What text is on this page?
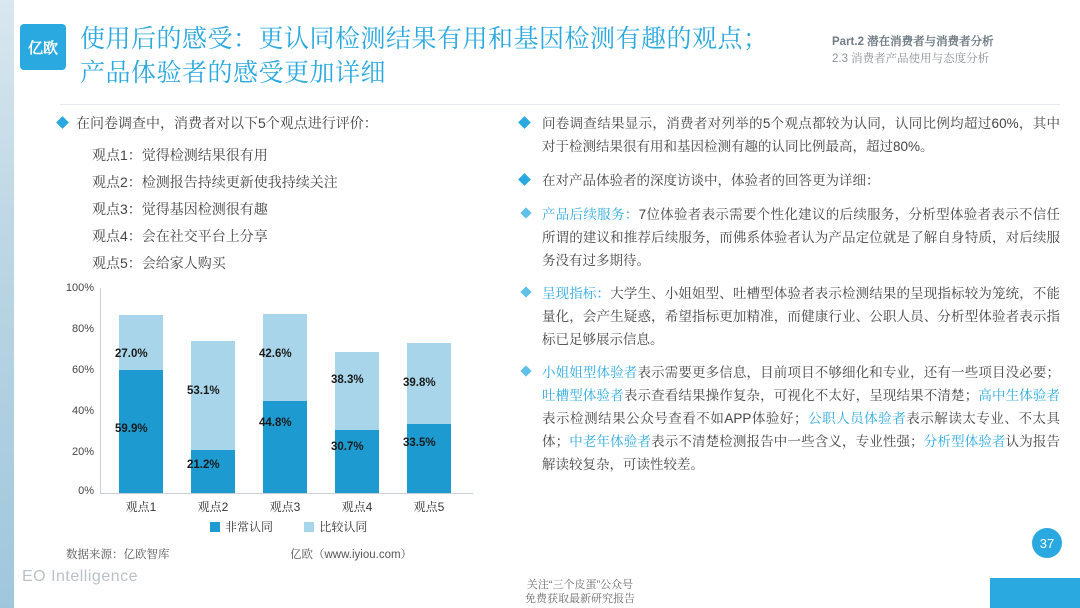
亿欧 使用后的感受：更认同检测结果有用和基因检测有趣的观点；
产品体验者的感受更加详细
Part.2 潜在消费者与消费者分析
2.3 消费者产品使用与态度分析
在问卷调查中，消费者对以下5个观点进行评价：
观点1：觉得检测结果很有用
观点2：检测报告持续更新使我持续关注
观点3：觉得基因检测很有趣
观点4：会在社交平台上分享
观点5：会给家人购买
100%
80%
60%
40%
20%
0%
27.0%
59.9%
53.1%
21.2%
42.6%
44.8%
38.3%
30.7%
39.8%
33.5%
观点1	观点2	观点3	观点4	观点5
非常认同	比较认同
数据来源：亿欧智库	亿欧（www.iyiou.com）

问卷调查结果显示，消费者对列举的5个观点都较为认同，认同比例均超过60%，其中对于检测结果很有用和基因检测有趣的认同比例最高，超过80%。

在对产品体验者的深度访谈中，体验者的回答更为详细：

产品后续服务：7位体验者表示需要个性化建议的后续服务，分析型体验者表示不信任所谓的建议和推荐后续服务，而佛系体验者认为产品定位就是了解自身特质，对后续服务没有过多期待。

呈现指标：大学生、小姐姐型、吐槽型体验者表示检测结果的呈现指标较为笼统，不能量化，会产生疑惑，希望指标更加精准，而健康行业、公职人员、分析型体验者表示指标已足够展示信息。

小姐姐型体验者表示需要更多信息，目前项目不够细化和专业，还有一些项目没必要；吐槽型体验者表示查看结果操作复杂，可视化不太好，呈现结果不清楚；高中生体验者表示检测结果公众号查看不如APP体验好；公职人员体验者表示解读太专业、不太具体；中老年体验者表示不清楚检测报告中一些含义，专业性强；分析型体验者认为报告解读较复杂，可读性较差。

EO Intelligence
37
关注“三个皮蛋”公众号
免费获取最新研究报告
